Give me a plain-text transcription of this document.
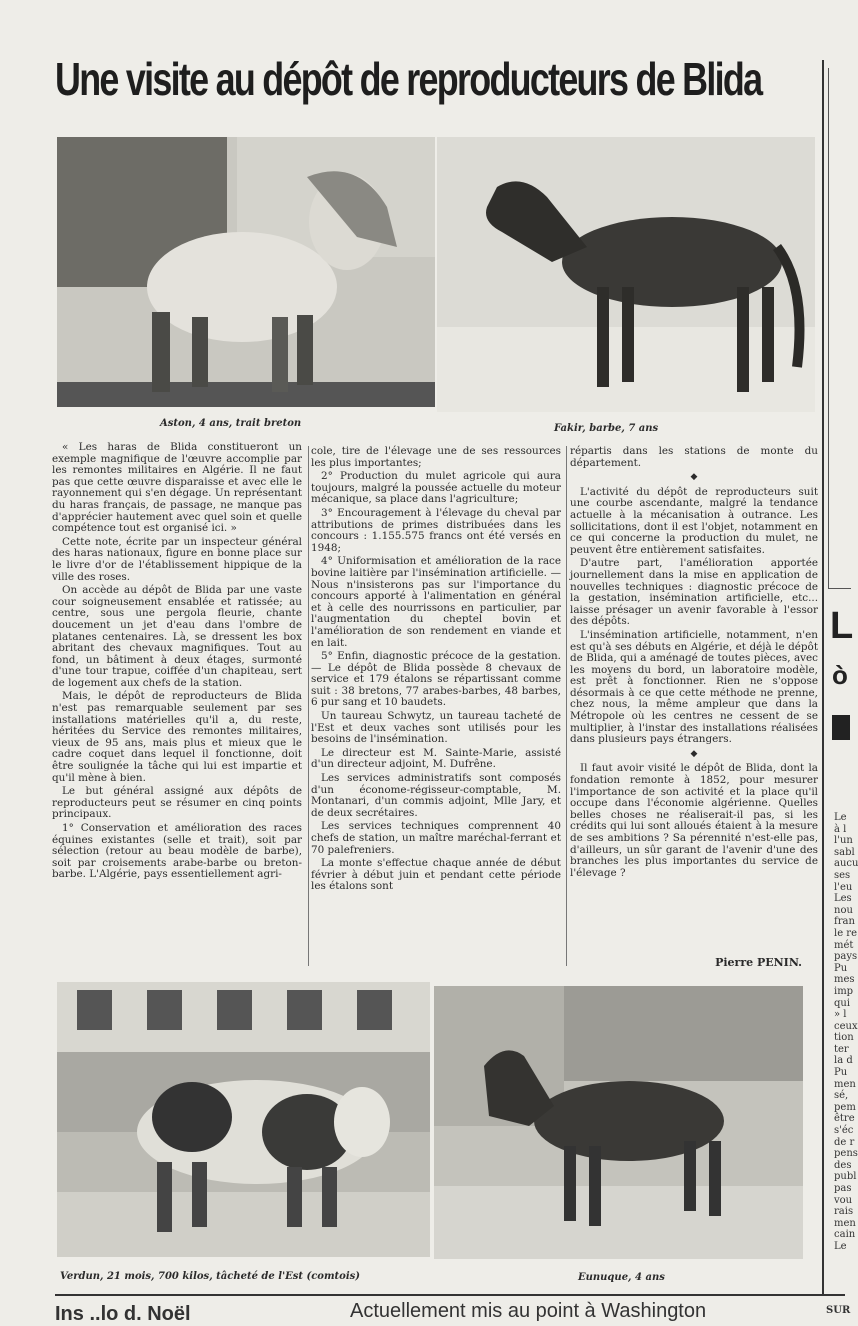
Une visite au dépôt de reproducteurs de Blida
Aston, 4 ans, trait breton	Fakir, barbe, 7 ans

« Les haras de Blida constitueront un exemple magnifique de l'œuvre accomplie par les remontes militaires en Algérie. Il ne faut pas que cette œuvre disparaisse et avec elle le rayonnement qui s'en dégage. Un représentant du haras français, de passage, ne manque pas d'apprécier hautement avec quel soin et quelle compétence tout est organisé ici. »

Cette note, écrite par un inspecteur général des haras nationaux, figure en bonne place sur le livre d'or de l'établissement hippique de la ville des roses.

On accède au dépôt de Blida par une vaste cour soigneusement ensablée et ratissée; au centre, sous une pergola fleurie, chante doucement un jet d'eau dans l'ombre de platanes centenaires. Là, se dressent les box abritant des chevaux magnifiques. Tout au fond, un bâtiment à deux étages, surmonté d'une tour trapue, coiffée d'un chapiteau, sert de logement aux chefs de la station.

Mais, le dépôt de reproducteurs de Blida n'est pas remarquable seulement par ses installations matérielles qu'il a, du reste, héritées du Service des remontes militaires, vieux de 95 ans, mais plus et mieux que le cadre coquet dans lequel il fonctionne, doit être soulignée la tâche qui lui est impartie et qu'il mène à bien.

Le but général assigné aux dépôts de reproducteurs peut se résumer en cinq points principaux.

1° Conservation et amélioration des races équines existantes (selle et trait), soit par sélection (retour au beau modèle de barbe), soit par croisements arabe-barbe ou breton-barbe. L'Algérie, pays essentiellement agri-

cole, tire de l'élevage une de ses ressources les plus importantes;

2° Production du mulet agricole qui aura toujours, malgré la poussée actuelle du moteur mécanique, sa place dans l'agriculture;

3° Encouragement à l'élevage du cheval par attributions de primes distribuées dans les concours : 1.155.575 francs ont été versés en 1948;

4° Uniformisation et amélioration de la race bovine laitière par l'insémination artificielle. — Nous n'insisterons pas sur l'importance du concours apporté à l'alimentation en général et à celle des nourrissons en particulier, par l'augmentation du cheptel bovin et l'amélioration de son rendement en viande et en lait.

5° Enfin, diagnostic précoce de la gestation. — Le dépôt de Blida possède 8 chevaux de service et 179 étalons se répartissant comme suit : 38 bretons, 77 arabes-barbes, 48 barbes, 6 pur sang et 10 baudets.

Un taureau Schwytz, un taureau tacheté de l'Est et deux vaches sont utilisés pour les besoins de l'insémination.

Le directeur est M. Sainte-Marie, assisté d'un directeur adjoint, M. Dufrêne.

Les services administratifs sont composés d'un économe-régisseur-comptable, M. Montanari, d'un commis adjoint, Mlle Jary, et de deux secrétaires.

Les services techniques comprennent 40 chefs de station, un maître maréchal-ferrant et 70 palefreniers.

La monte s'effectue chaque année de début février à début juin et pendant cette période les étalons sont

répartis dans les stations de monte du département.

◆

L'activité du dépôt de reproducteurs suit une courbe ascendante, malgré la tendance actuelle à la mécanisation à outrance. Les sollicitations, dont il est l'objet, notamment en ce qui concerne la production du mulet, ne peuvent être entièrement satisfaites.

D'autre part, l'amélioration apportée journellement dans la mise en application de nouvelles techniques : diagnostic précoce de la gestation, insémination artificielle, etc... laisse présager un avenir favorable à l'essor des dépôts.

L'insémination artificielle, notamment, n'en est qu'à ses débuts en Algérie, et déjà le dépôt de Blida, qui a aménagé de toutes pièces, avec les moyens du bord, un laboratoire modèle, est prêt à fonctionner. Rien ne s'oppose désormais à ce que cette méthode ne prenne, chez nous, la même ampleur que dans la Métropole où les centres ne cessent de se multiplier, à l'instar des installations réalisées dans plusieurs pays étrangers.

◆

Il faut avoir visité le dépôt de Blida, dont la fondation remonte à 1852, pour mesurer l'importance de son activité et la place qu'il occupe dans l'économie algérienne. Quelles belles choses ne réaliserait-il pas, si les crédits qui lui sont alloués étaient à la mesure de ses ambitions ? Sa pérennité n'est-elle pas, d'ailleurs, un sûr garant de l'avenir d'une des branches les plus importantes du service de l'élevage ?

Pierre PENIN.
Verdun, 21 mois, 700 kilos, tâcheté de l'Est (comtois)	Eunuque, 4 ans
Ins ..lo d. Noël	Actuellement mis au point à Washington
L
ò
Le
à l
l'un
sabl
aucu
ses
l'eu
Les
nou
fran
le re
mét
pays
Pu
mes
imp
qui
» l
ceux
tion
ter
la d
Pu
men
sé,
pem
être
s'éc
de r
pens
des
publ
pas
vou
rais
men
cain
Le
SUR
